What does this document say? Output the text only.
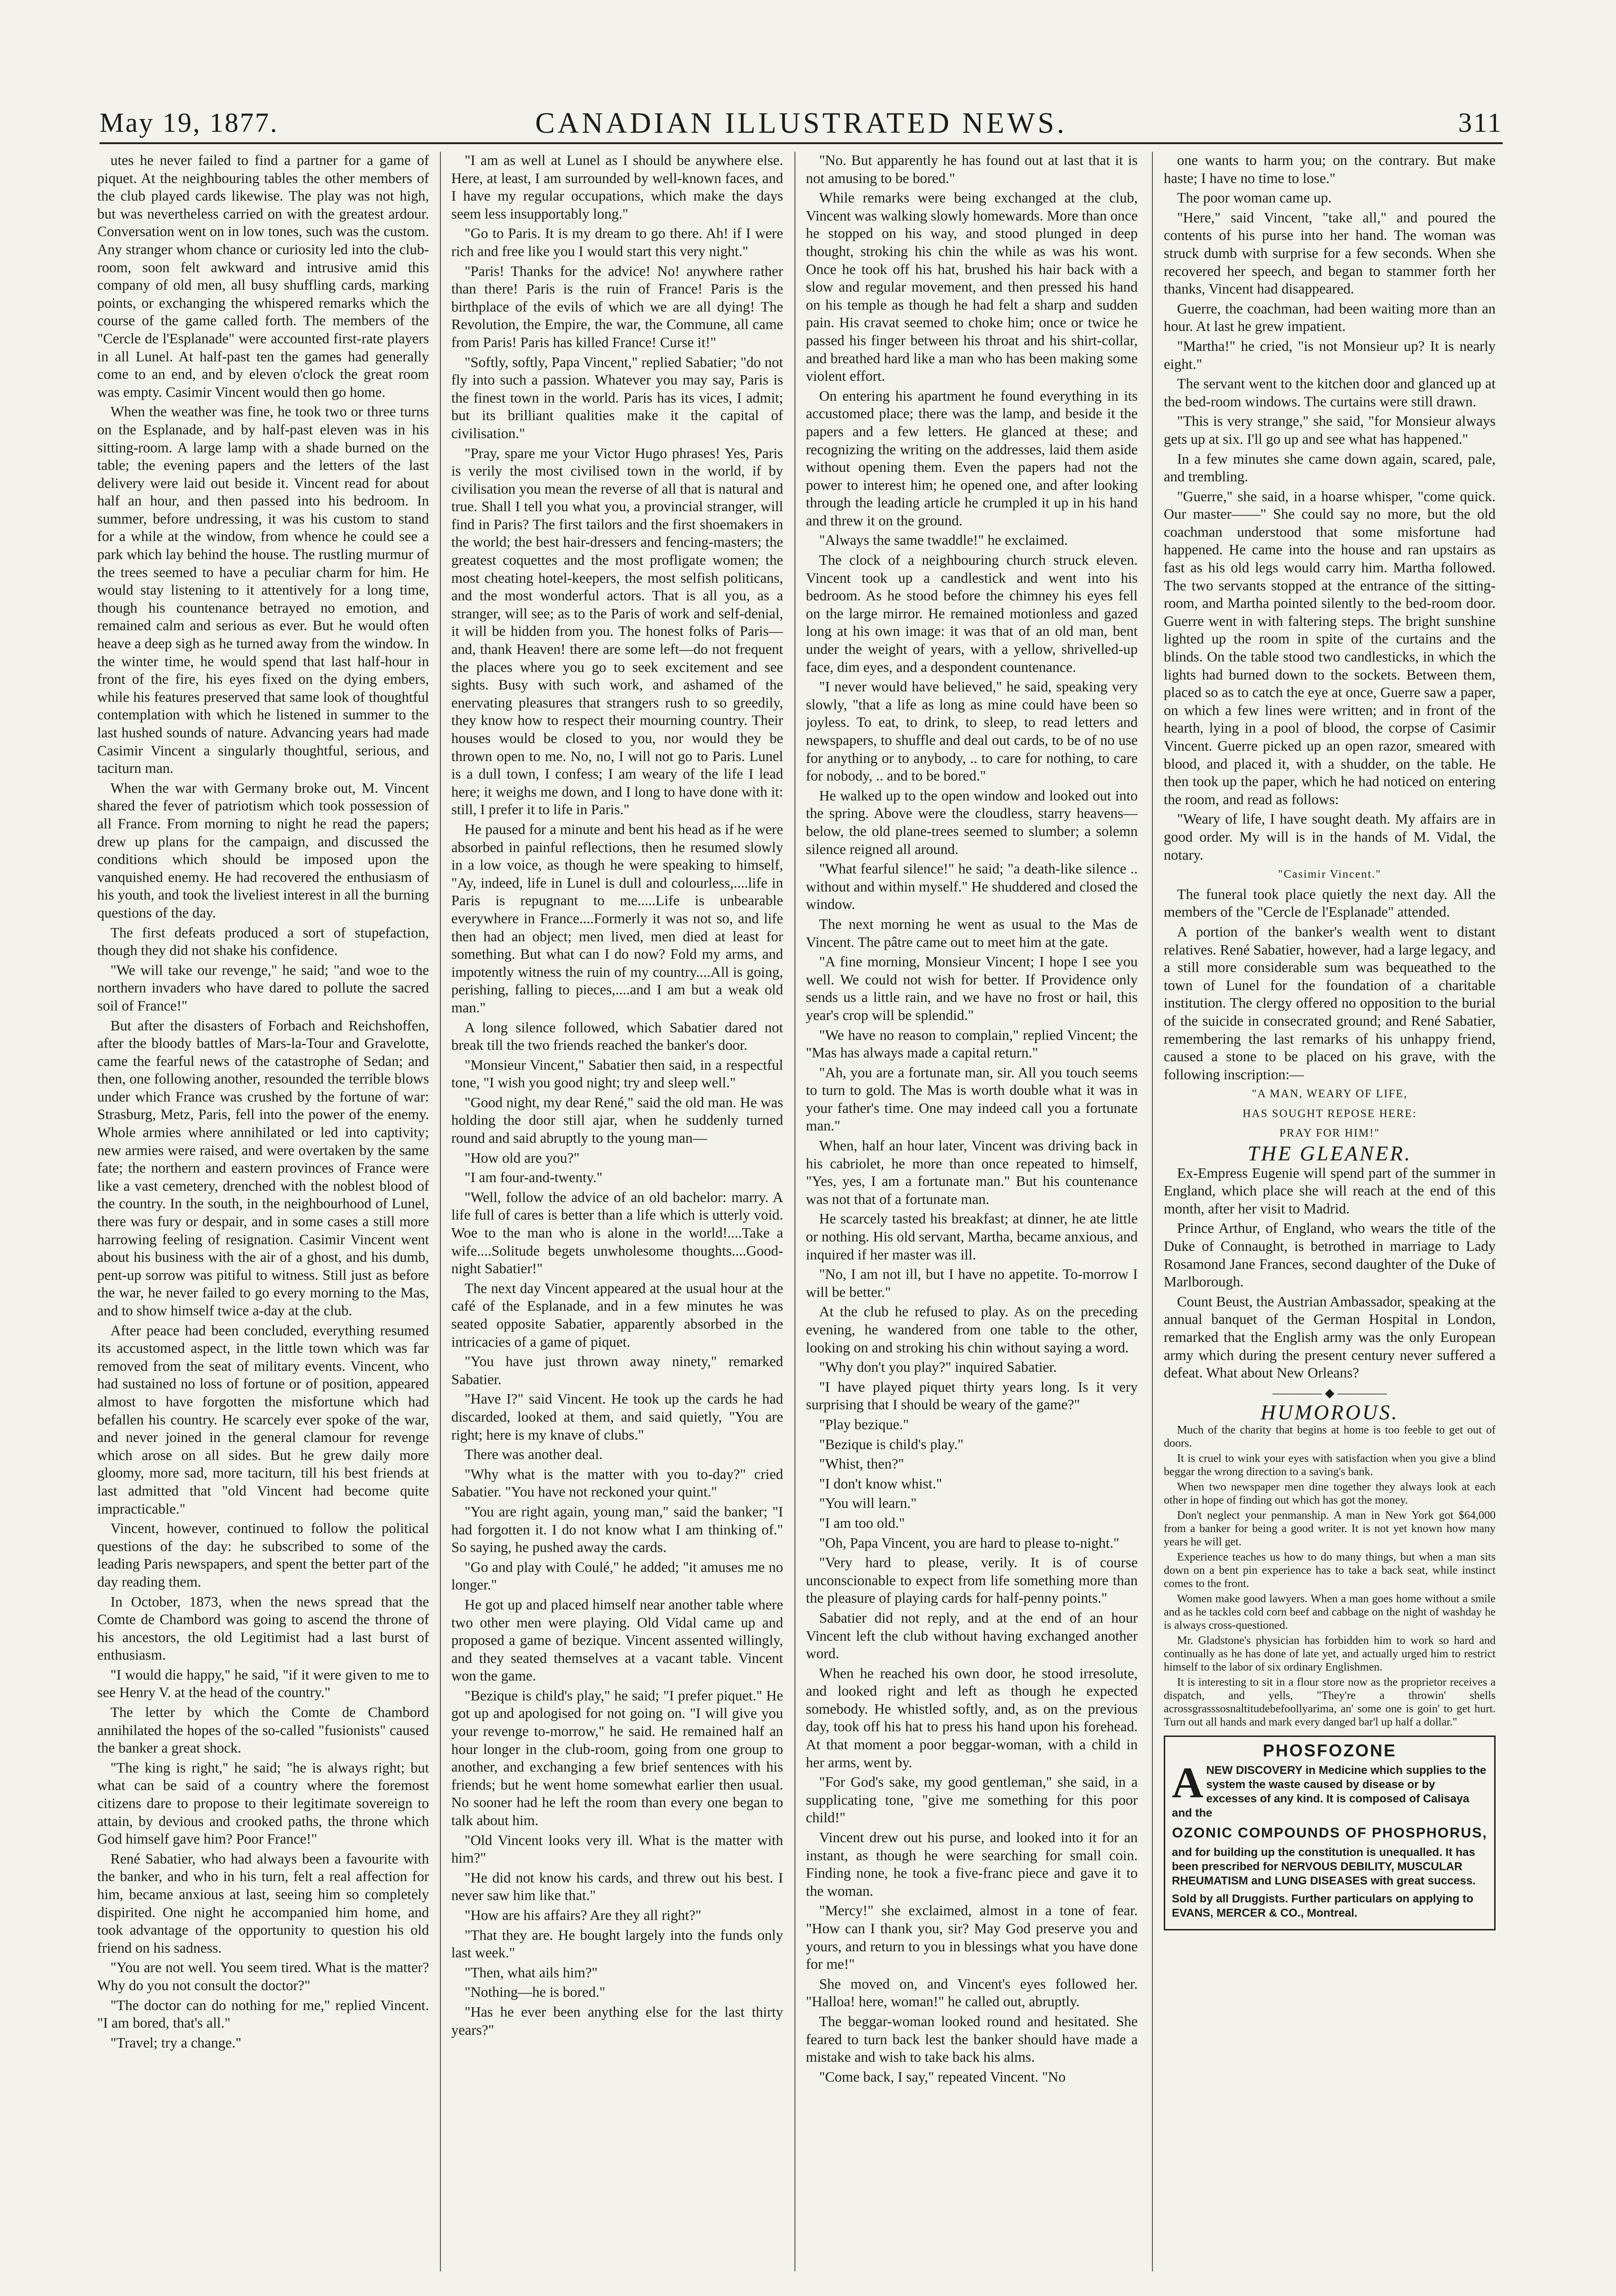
May 19, 1877.	CANADIAN ILLUSTRATED NEWS.	311

utes he never failed to find a partner for a game of piquet. At the neighbouring tables the other members of the club played cards likewise. The play was not high, but was nevertheless carried on with the greatest ardour. Conversation went on in low tones, such was the custom. Any stranger whom chance or curiosity led into the club-room, soon felt awkward and intrusive amid this company of old men, all busy shuffling cards, marking points, or exchanging the whispered remarks which the course of the game called forth. The members of the "Cercle de l'Esplanade" were accounted first-rate players in all Lunel. At half-past ten the games had generally come to an end, and by eleven o'clock the great room was empty. Casimir Vincent would then go home.

When the weather was fine, he took two or three turns on the Esplanade, and by half-past eleven was in his sitting-room. A large lamp with a shade burned on the table; the evening papers and the letters of the last delivery were laid out beside it. Vincent read for about half an hour, and then passed into his bedroom. In summer, before undressing, it was his custom to stand for a while at the window, from whence he could see a park which lay behind the house. The rustling murmur of the trees seemed to have a peculiar charm for him. He would stay listening to it attentively for a long time, though his countenance betrayed no emotion, and remained calm and serious as ever. But he would often heave a deep sigh as he turned away from the window. In the winter time, he would spend that last half-hour in front of the fire, his eyes fixed on the dying embers, while his features preserved that same look of thoughtful contemplation with which he listened in summer to the last hushed sounds of nature. Advancing years had made Casimir Vincent a singularly thoughtful, serious, and taciturn man.

When the war with Germany broke out, M. Vincent shared the fever of patriotism which took possession of all France. From morning to night he read the papers; drew up plans for the campaign, and discussed the conditions which should be imposed upon the vanquished enemy. He had recovered the enthusiasm of his youth, and took the liveliest interest in all the burning questions of the day.

The first defeats produced a sort of stupefaction, though they did not shake his confidence.

"We will take our revenge," he said; "and woe to the northern invaders who have dared to pollute the sacred soil of France!"

But after the disasters of Forbach and Reichshoffen, after the bloody battles of Mars-la-Tour and Gravelotte, came the fearful news of the catastrophe of Sedan; and then, one following another, resounded the terrible blows under which France was crushed by the fortune of war: Strasburg, Metz, Paris, fell into the power of the enemy. Whole armies where annihilated or led into captivity; new armies were raised, and were overtaken by the same fate; the northern and eastern provinces of France were like a vast cemetery, drenched with the noblest blood of the country. In the south, in the neighbourhood of Lunel, there was fury or despair, and in some cases a still more harrowing feeling of resignation. Casimir Vincent went about his business with the air of a ghost, and his dumb, pent-up sorrow was pitiful to witness. Still just as before the war, he never failed to go every morning to the Mas, and to show himself twice a-day at the club.

After peace had been concluded, everything resumed its accustomed aspect, in the little town which was far removed from the seat of military events. Vincent, who had sustained no loss of fortune or of position, appeared almost to have forgotten the misfortune which had befallen his country. He scarcely ever spoke of the war, and never joined in the general clamour for revenge which arose on all sides. But he grew daily more gloomy, more sad, more taciturn, till his best friends at last admitted that "old Vincent had become quite impracticable."

Vincent, however, continued to follow the political questions of the day: he subscribed to some of the leading Paris newspapers, and spent the better part of the day reading them.

In October, 1873, when the news spread that the Comte de Chambord was going to ascend the throne of his ancestors, the old Legitimist had a last burst of enthusiasm.

"I would die happy," he said, "if it were given to me to see Henry V. at the head of the country."

The letter by which the Comte de Chambord annihilated the hopes of the so-called "fusionists" caused the banker a great shock.

"The king is right," he said; "he is always right; but what can be said of a country where the foremost citizens dare to propose to their legitimate sovereign to attain, by devious and crooked paths, the throne which God himself gave him? Poor France!"

René Sabatier, who had always been a favourite with the banker, and who in his turn, felt a real affection for him, became anxious at last, seeing him so completely dispirited. One night he accompanied him home, and took advantage of the opportunity to question his old friend on his sadness.

"You are not well. You seem tired. What is the matter? Why do you not consult the doctor?"

"The doctor can do nothing for me," replied Vincent. "I am bored, that's all."

"Travel; try a change."

"I am as well at Lunel as I should be anywhere else. Here, at least, I am surrounded by well-known faces, and I have my regular occupations, which make the days seem less insupportably long."

"Go to Paris. It is my dream to go there. Ah! if I were rich and free like you I would start this very night."

"Paris! Thanks for the advice! No! anywhere rather than there! Paris is the ruin of France! Paris is the birthplace of the evils of which we are all dying! The Revolution, the Empire, the war, the Commune, all came from Paris! Paris has killed France! Curse it!"

"Softly, softly, Papa Vincent," replied Sabatier; "do not fly into such a passion. Whatever you may say, Paris is the finest town in the world. Paris has its vices, I admit; but its brilliant qualities make it the capital of civilisation."

"Pray, spare me your Victor Hugo phrases! Yes, Paris is verily the most civilised town in the world, if by civilisation you mean the reverse of all that is natural and true. Shall I tell you what you, a provincial stranger, will find in Paris? The first tailors and the first shoemakers in the world; the best hair-dressers and fencing-masters; the greatest coquettes and the most profligate women; the most cheating hotel-keepers, the most selfish politicans, and the most wonderful actors. That is all you, as a stranger, will see; as to the Paris of work and self-denial, it will be hidden from you. The honest folks of Paris—and, thank Heaven! there are some left—do not frequent the places where you go to seek excitement and see sights. Busy with such work, and ashamed of the enervating pleasures that strangers rush to so greedily, they know how to respect their mourning country. Their houses would be closed to you, nor would they be thrown open to me. No, no, I will not go to Paris. Lunel is a dull town, I confess; I am weary of the life I lead here; it weighs me down, and I long to have done with it: still, I prefer it to life in Paris."

He paused for a minute and bent his head as if he were absorbed in painful reflections, then he resumed slowly in a low voice, as though he were speaking to himself, "Ay, indeed, life in Lunel is dull and colourless,....life in Paris is repugnant to me.....Life is unbearable everywhere in France....Formerly it was not so, and life then had an object; men lived, men died at least for something. But what can I do now? Fold my arms, and impotently witness the ruin of my country....All is going, perishing, falling to pieces,....and I am but a weak old man."

A long silence followed, which Sabatier dared not break till the two friends reached the banker's door.

"Monsieur Vincent," Sabatier then said, in a respectful tone, "I wish you good night; try and sleep well."

"Good night, my dear René," said the old man. He was holding the door still ajar, when he suddenly turned round and said abruptly to the young man—

"How old are you?"

"I am four-and-twenty."

"Well, follow the advice of an old bachelor: marry. A life full of cares is better than a life which is utterly void. Woe to the man who is alone in the world!....Take a wife....Solitude begets unwholesome thoughts....Good-night Sabatier!"

The next day Vincent appeared at the usual hour at the café of the Esplanade, and in a few minutes he was seated opposite Sabatier, apparently absorbed in the intricacies of a game of piquet.

"You have just thrown away ninety," remarked Sabatier.

"Have I?" said Vincent. He took up the cards he had discarded, looked at them, and said quietly, "You are right; here is my knave of clubs."

There was another deal.

"Why what is the matter with you to-day?" cried Sabatier. "You have not reckoned your quint."

"You are right again, young man," said the banker; "I had forgotten it. I do not know what I am thinking of." So saying, he pushed away the cards.

"Go and play with Coulé," he added; "it amuses me no longer."

He got up and placed himself near another table where two other men were playing. Old Vidal came up and proposed a game of bezique. Vincent assented willingly, and they seated themselves at a vacant table. Vincent won the game.

"Bezique is child's play," he said; "I prefer piquet." He got up and apologised for not going on. "I will give you your revenge to-morrow," he said. He remained half an hour longer in the club-room, going from one group to another, and exchanging a few brief sentences with his friends; but he went home somewhat earlier then usual. No sooner had he left the room than every one began to talk about him.

"Old Vincent looks very ill. What is the matter with him?"

"He did not know his cards, and threw out his best. I never saw him like that."

"How are his affairs? Are they all right?"

"That they are. He bought largely into the funds only last week."

"Then, what ails him?"

"Nothing—he is bored."

"Has he ever been anything else for the last thirty years?"

"No. But apparently he has found out at last that it is not amusing to be bored."

While remarks were being exchanged at the club, Vincent was walking slowly homewards. More than once he stopped on his way, and stood plunged in deep thought, stroking his chin the while as was his wont. Once he took off his hat, brushed his hair back with a slow and regular movement, and then pressed his hand on his temple as though he had felt a sharp and sudden pain. His cravat seemed to choke him; once or twice he passed his finger between his throat and his shirt-collar, and breathed hard like a man who has been making some violent effort.

On entering his apartment he found everything in its accustomed place; there was the lamp, and beside it the papers and a few letters. He glanced at these; and recognizing the writing on the addresses, laid them aside without opening them. Even the papers had not the power to interest him; he opened one, and after looking through the leading article he crumpled it up in his hand and threw it on the ground.

"Always the same twaddle!" he exclaimed.

The clock of a neighbouring church struck eleven. Vincent took up a candlestick and went into his bedroom. As he stood before the chimney his eyes fell on the large mirror. He remained motionless and gazed long at his own image: it was that of an old man, bent under the weight of years, with a yellow, shrivelled-up face, dim eyes, and a despondent countenance.

"I never would have believed," he said, speaking very slowly, "that a life as long as mine could have been so joyless. To eat, to drink, to sleep, to read letters and newspapers, to shuffle and deal out cards, to be of no use for anything or to anybody, .. to care for nothing, to care for nobody, .. and to be bored."

He walked up to the open window and looked out into the spring. Above were the cloudless, starry heavens—below, the old plane-trees seemed to slumber; a solemn silence reigned all around.

"What fearful silence!" he said; "a death-like silence .. without and within myself." He shuddered and closed the window.

The next morning he went as usual to the Mas de Vincent. The pâtre came out to meet him at the gate.

"A fine morning, Monsieur Vincent; I hope I see you well. We could not wish for better. If Providence only sends us a little rain, and we have no frost or hail, this year's crop will be splendid."

"We have no reason to complain," replied Vincent; the "Mas has always made a capital return."

"Ah, you are a fortunate man, sir. All you touch seems to turn to gold. The Mas is worth double what it was in your father's time. One may indeed call you a fortunate man."

When, half an hour later, Vincent was driving back in his cabriolet, he more than once repeated to himself, "Yes, yes, I am a fortunate man." But his countenance was not that of a fortunate man.

He scarcely tasted his breakfast; at dinner, he ate little or nothing. His old servant, Martha, became anxious, and inquired if her master was ill.

"No, I am not ill, but I have no appetite. To-morrow I will be better."

At the club he refused to play. As on the preceding evening, he wandered from one table to the other, looking on and stroking his chin without saying a word.

"Why don't you play?" inquired Sabatier.

"I have played piquet thirty years long. Is it very surprising that I should be weary of the game?"

"Play bezique."

"Bezique is child's play."

"Whist, then?"

"I don't know whist."

"You will learn."

"I am too old."

"Oh, Papa Vincent, you are hard to please to-night."

"Very hard to please, verily. It is of course unconscionable to expect from life something more than the pleasure of playing cards for half-penny points."

Sabatier did not reply, and at the end of an hour Vincent left the club without having exchanged another word.

When he reached his own door, he stood irresolute, and looked right and left as though he expected somebody. He whistled softly, and, as on the previous day, took off his hat to press his hand upon his forehead. At that moment a poor beggar-woman, with a child in her arms, went by.

"For God's sake, my good gentleman," she said, in a supplicating tone, "give me something for this poor child!"

Vincent drew out his purse, and looked into it for an instant, as though he were searching for small coin. Finding none, he took a five-franc piece and gave it to the woman.

"Mercy!" she exclaimed, almost in a tone of fear. "How can I thank you, sir? May God preserve you and yours, and return to you in blessings what you have done for me!"

She moved on, and Vincent's eyes followed her. "Halloa! here, woman!" he called out, abruptly.

The beggar-woman looked round and hesitated. She feared to turn back lest the banker should have made a mistake and wish to take back his alms.

"Come back, I say," repeated Vincent. "No

one wants to harm you; on the contrary. But make haste; I have no time to lose."

The poor woman came up.

"Here," said Vincent, "take all," and poured the contents of his purse into her hand. The woman was struck dumb with surprise for a few seconds. When she recovered her speech, and began to stammer forth her thanks, Vincent had disappeared.

Guerre, the coachman, had been waiting more than an hour. At last he grew impatient.

"Martha!" he cried, "is not Monsieur up? It is nearly eight."

The servant went to the kitchen door and glanced up at the bed-room windows. The curtains were still drawn.

"This is very strange," she said, "for Monsieur always gets up at six. I'll go up and see what has happened."

In a few minutes she came down again, scared, pale, and trembling.

"Guerre," she said, in a hoarse whisper, "come quick. Our master——" She could say no more, but the old coachman understood that some misfortune had happened. He came into the house and ran upstairs as fast as his old legs would carry him. Martha followed. The two servants stopped at the entrance of the sitting-room, and Martha pointed silently to the bed-room door. Guerre went in with faltering steps. The bright sunshine lighted up the room in spite of the curtains and the blinds. On the table stood two candlesticks, in which the lights had burned down to the sockets. Between them, placed so as to catch the eye at once, Guerre saw a paper, on which a few lines were written; and in front of the hearth, lying in a pool of blood, the corpse of Casimir Vincent. Guerre picked up an open razor, smeared with blood, and placed it, with a shudder, on the table. He then took up the paper, which he had noticed on entering the room, and read as follows:

"Weary of life, I have sought death. My affairs are in good order. My will is in the hands of M. Vidal, the notary.

"Casimir Vincent."

The funeral took place quietly the next day. All the members of the "Cercle de l'Esplanade" attended.

A portion of the banker's wealth went to distant relatives. René Sabatier, however, had a large legacy, and a still more considerable sum was bequeathed to the town of Lunel for the foundation of a charitable institution. The clergy offered no opposition to the burial of the suicide in consecrated ground; and René Sabatier, remembering the last remarks of his unhappy friend, caused a stone to be placed on his grave, with the following inscription:—

"A MAN, WEARY OF LIFE,

HAS SOUGHT REPOSE HERE:

PRAY FOR HIM!"

THE GLEANER.

Ex-Empress Eugenie will spend part of the summer in England, which place she will reach at the end of this month, after her visit to Madrid.

Prince Arthur, of England, who wears the title of the Duke of Connaught, is betrothed in marriage to Lady Rosamond Jane Frances, second daughter of the Duke of Marlborough.

Count Beust, the Austrian Ambassador, speaking at the annual banquet of the German Hospital in London, remarked that the English army was the only European army which during the present century never suffered a defeat. What about New Orleans?

———— ◆ ————

HUMOROUS.

Much of the charity that begins at home is too feeble to get out of doors.

It is cruel to wink your eyes with satisfaction when you give a blind beggar the wrong direction to a saving's bank.

When two newspaper men dine together they always look at each other in hope of finding out which has got the money.

Don't neglect your penmanship. A man in New York got $64,000 from a banker for being a good writer. It is not yet known how many years he will get.

Experience teaches us how to do many things, but when a man sits down on a bent pin experience has to take a back seat, while instinct comes to the front.

Women make good lawyers. When a man goes home without a smile and as he tackles cold corn beef and cabbage on the night of washday he is always cross-questioned.

Mr. Gladstone's physician has forbidden him to work so hard and continually as he has done of late yet, and actually urged him to restrict himself to the labor of six ordinary Englishmen.

It is interesting to sit in a flour store now as the proprietor receives a dispatch, and yells, "They're a throwin' shells acrossgrasssosnaltitudebefoollyarima, an' some one is goin' to get hurt. Turn out all hands and mark every danged bar'l up half a dollar."

PHOSFOZONE
A NEW DISCOVERY in Medicine which supplies to the system the waste caused by disease or by excesses of any kind. It is composed of Calisaya and the
OZONIC COMPOUNDS OF PHOSPHORUS,
and for building up the constitution is unequalled. It has been prescribed for NERVOUS DEBILITY, MUSCULAR RHEUMATISM and LUNG DISEASES with great success.
Sold by all Druggists. Further particulars on applying to EVANS, MERCER & CO., Montreal.
